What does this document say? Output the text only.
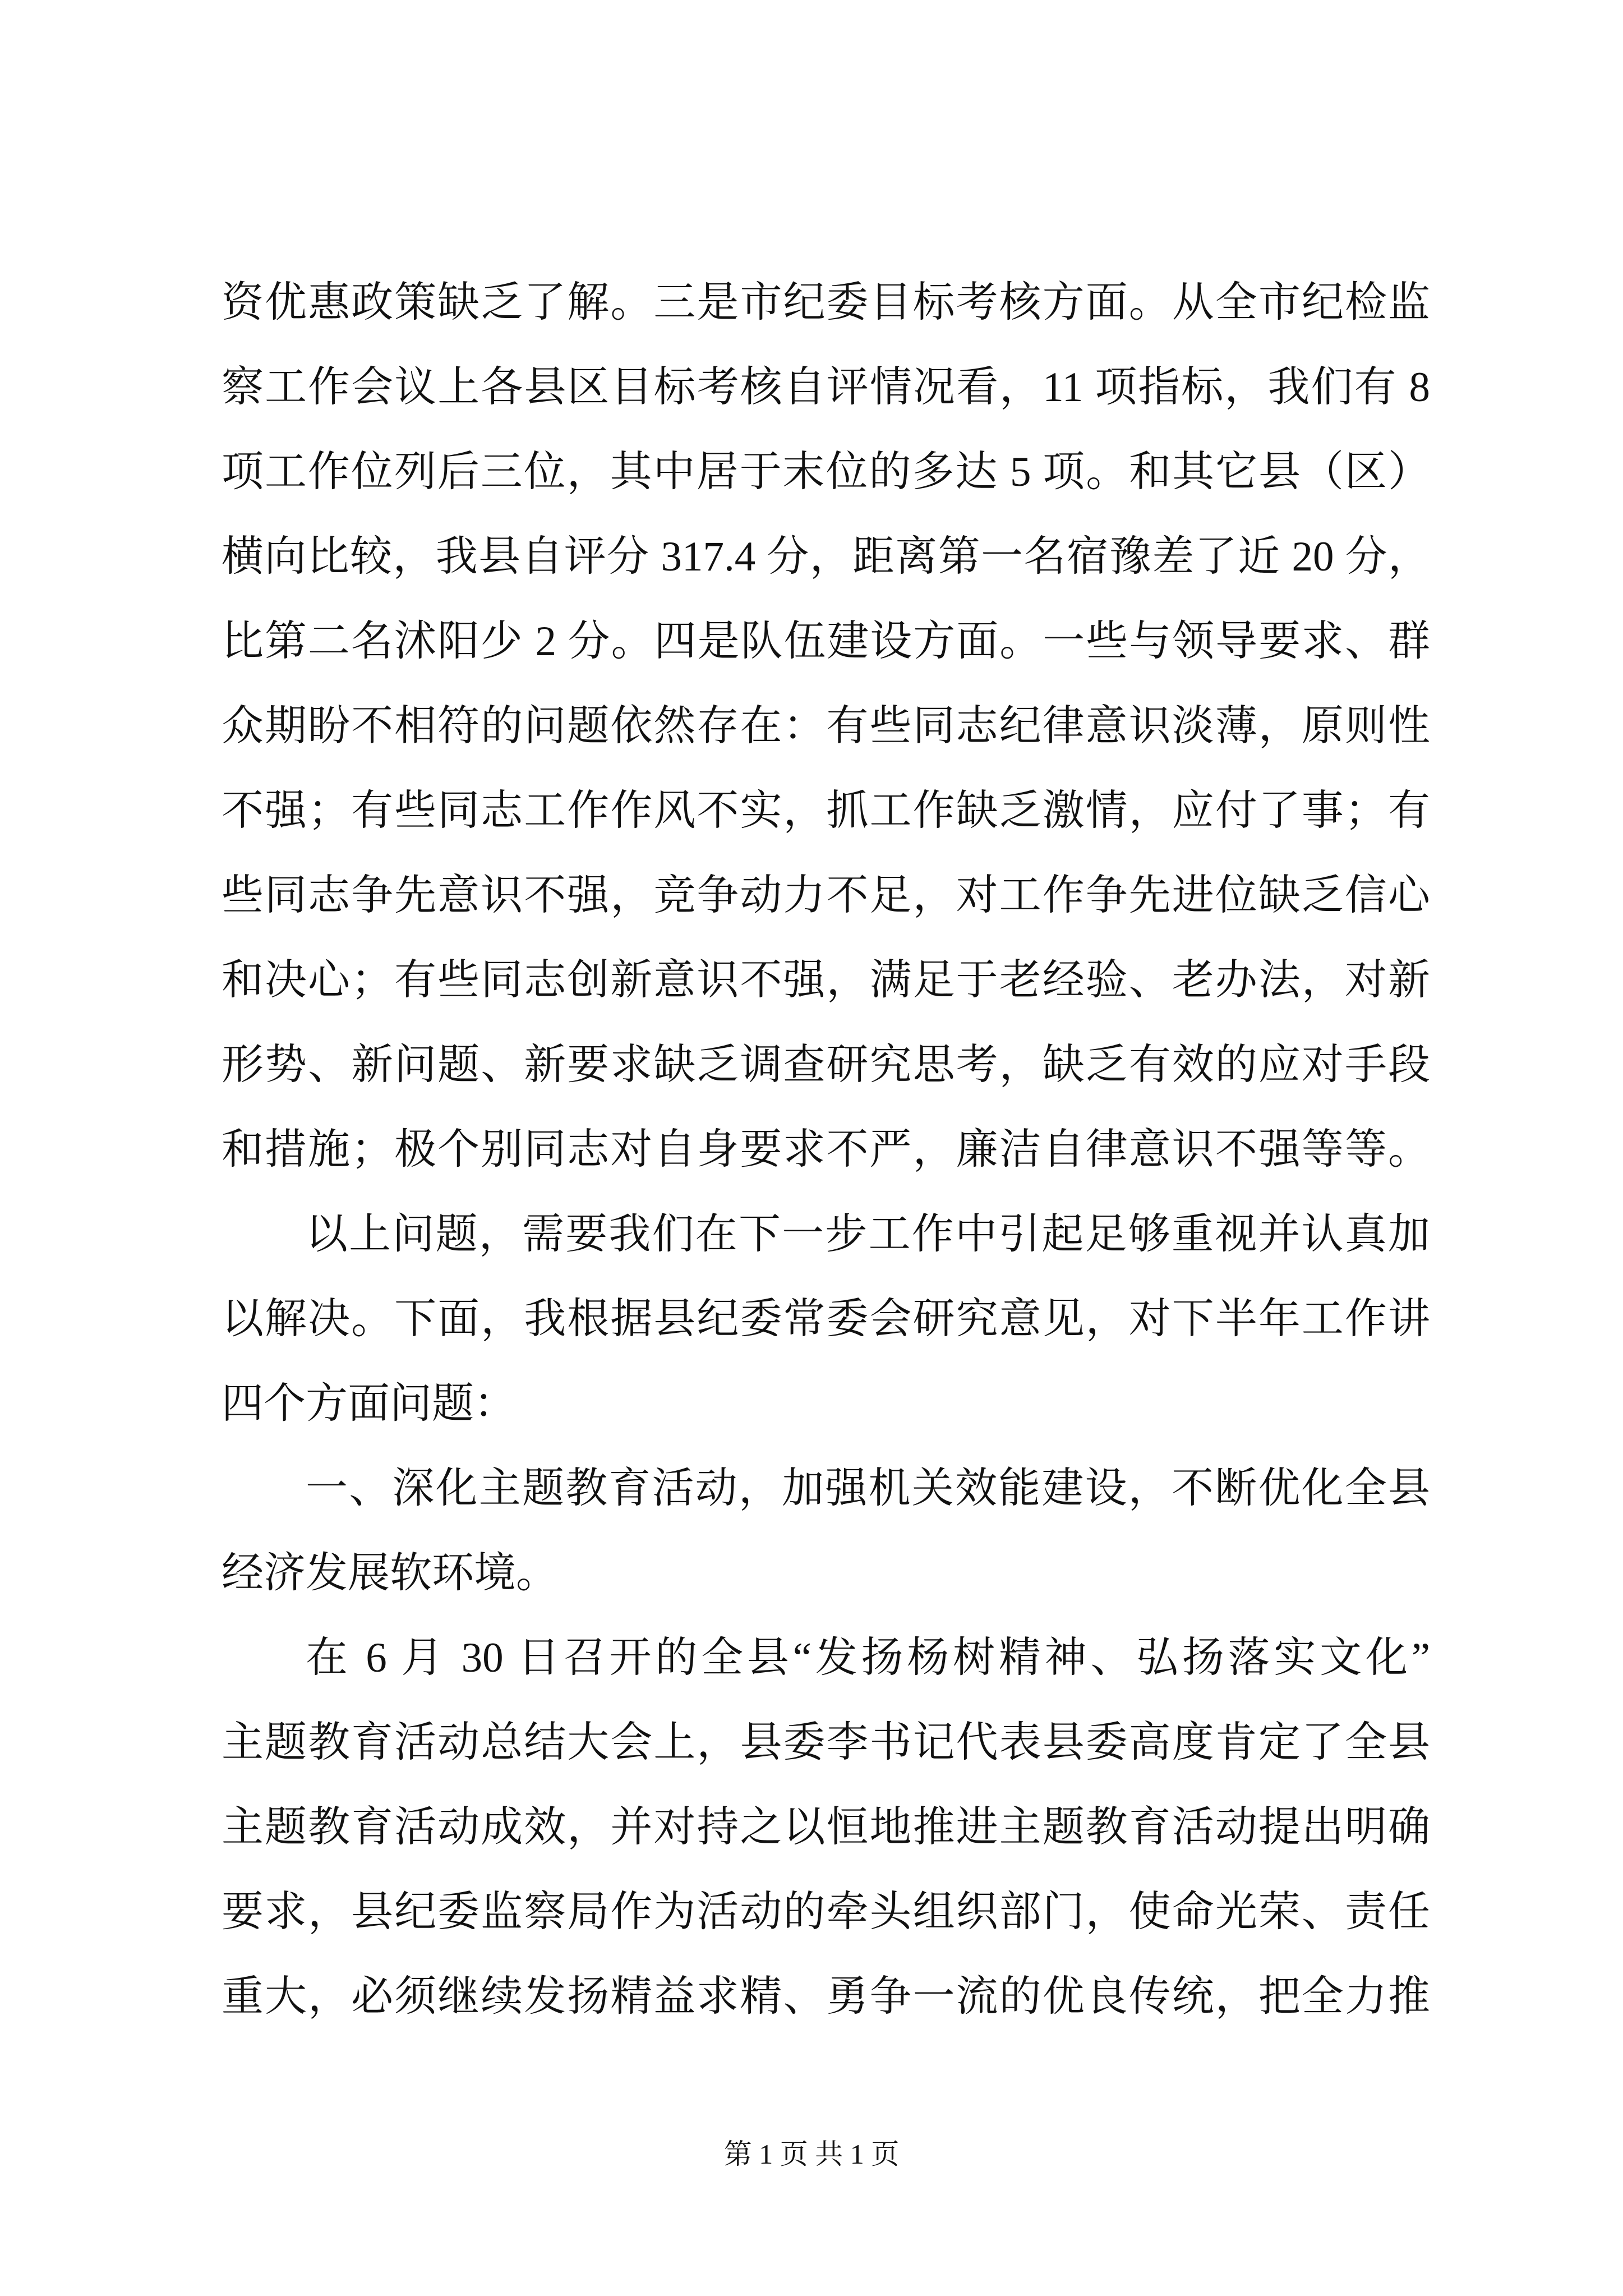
资优惠政策缺乏了解。三是市纪委目标考核方面。从全市纪检监
察工作会议上各县区目标考核自评情况看，11 项指标，我们有 8
项工作位列后三位，其中居于末位的多达 5 项。和其它县（区）
横向比较，我县自评分 317.4 分，距离第一名宿豫差了近 20 分，
比第二名沭阳少 2 分。四是队伍建设方面。一些与领导要求、群
众期盼不相符的问题依然存在：有些同志纪律意识淡薄，原则性
不强；有些同志工作作风不实，抓工作缺乏激情，应付了事；有
些同志争先意识不强，竞争动力不足，对工作争先进位缺乏信心
和决心；有些同志创新意识不强，满足于老经验、老办法，对新
形势、新问题、新要求缺乏调查研究思考，缺乏有效的应对手段
和措施；极个别同志对自身要求不严，廉洁自律意识不强等等。
以上问题，需要我们在下一步工作中引起足够重视并认真加
以解决。下面，我根据县纪委常委会研究意见，对下半年工作讲
四个方面问题：
一、深化主题教育活动，加强机关效能建设，不断优化全县
经济发展软环境。
在 6 月 30 日召开的全县“发扬杨树精神、弘扬落实文化”
主题教育活动总结大会上，县委李书记代表县委高度肯定了全县
主题教育活动成效，并对持之以恒地推进主题教育活动提出明确
要求，县纪委监察局作为活动的牵头组织部门，使命光荣、责任
重大，必须继续发扬精益求精、勇争一流的优良传统，把全力推
第 1 页 共 1 页
